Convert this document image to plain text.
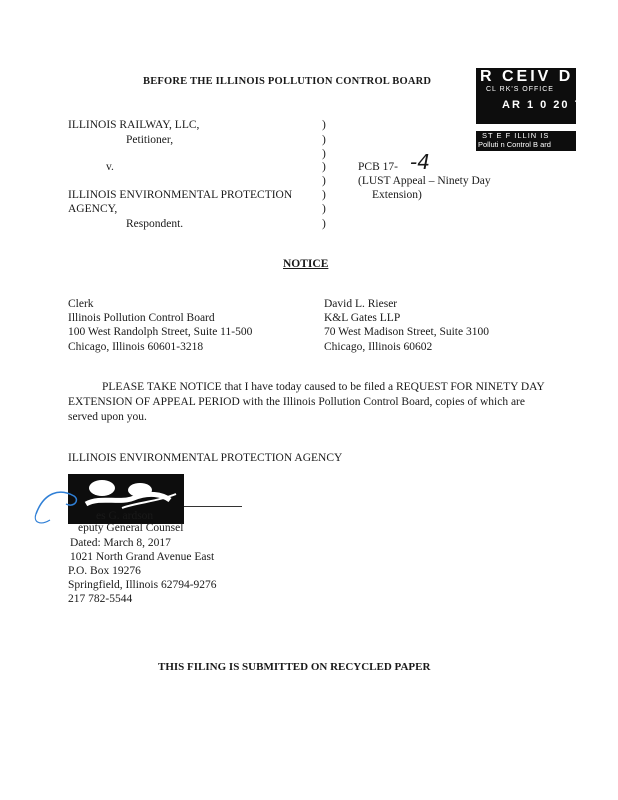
BEFORE THE ILLINOIS POLLUTION CONTROL BOARD	R CEIV D
CL RK'S OFFICE
AR 1 0 20 7
ST E F ILLIN IS
Polluti n Control B ard
ILLINOIS RAILWAY, LLC,
Petitioner,
v.
ILLINOIS ENVIRONMENTAL PROTECTION
AGENCY,
Respondent.
)
)
)
)
)
)
)
)
PCB 17- -4
(LUST Appeal – Ninety Day
Extension)
NOTICE
Clerk
Illinois Pollution Control Board
100 West Randolph Street, Suite 11-500
Chicago, Illinois 60601-3218
David L. Rieser
K&L Gates LLP
70 West Madison Street, Suite 3100
Chicago, Illinois 60602
PLEASE TAKE NOTICE that I have today caused to be filed a REQUEST FOR NINETY DAY EXTENSION OF APPEAL PERIOD with the Illinois Pollution Control Board, copies of which are served upon you.
ILLINOIS ENVIRONMENTAL PROTECTION AGENCY
es G. ardson
eputy General Counsel
Dated: March 8, 2017
1021 North Grand Avenue East
P.O. Box 19276
Springfield, Illinois 62794-9276
217 782-5544
THIS FILING IS SUBMITTED ON RECYCLED PAPER
